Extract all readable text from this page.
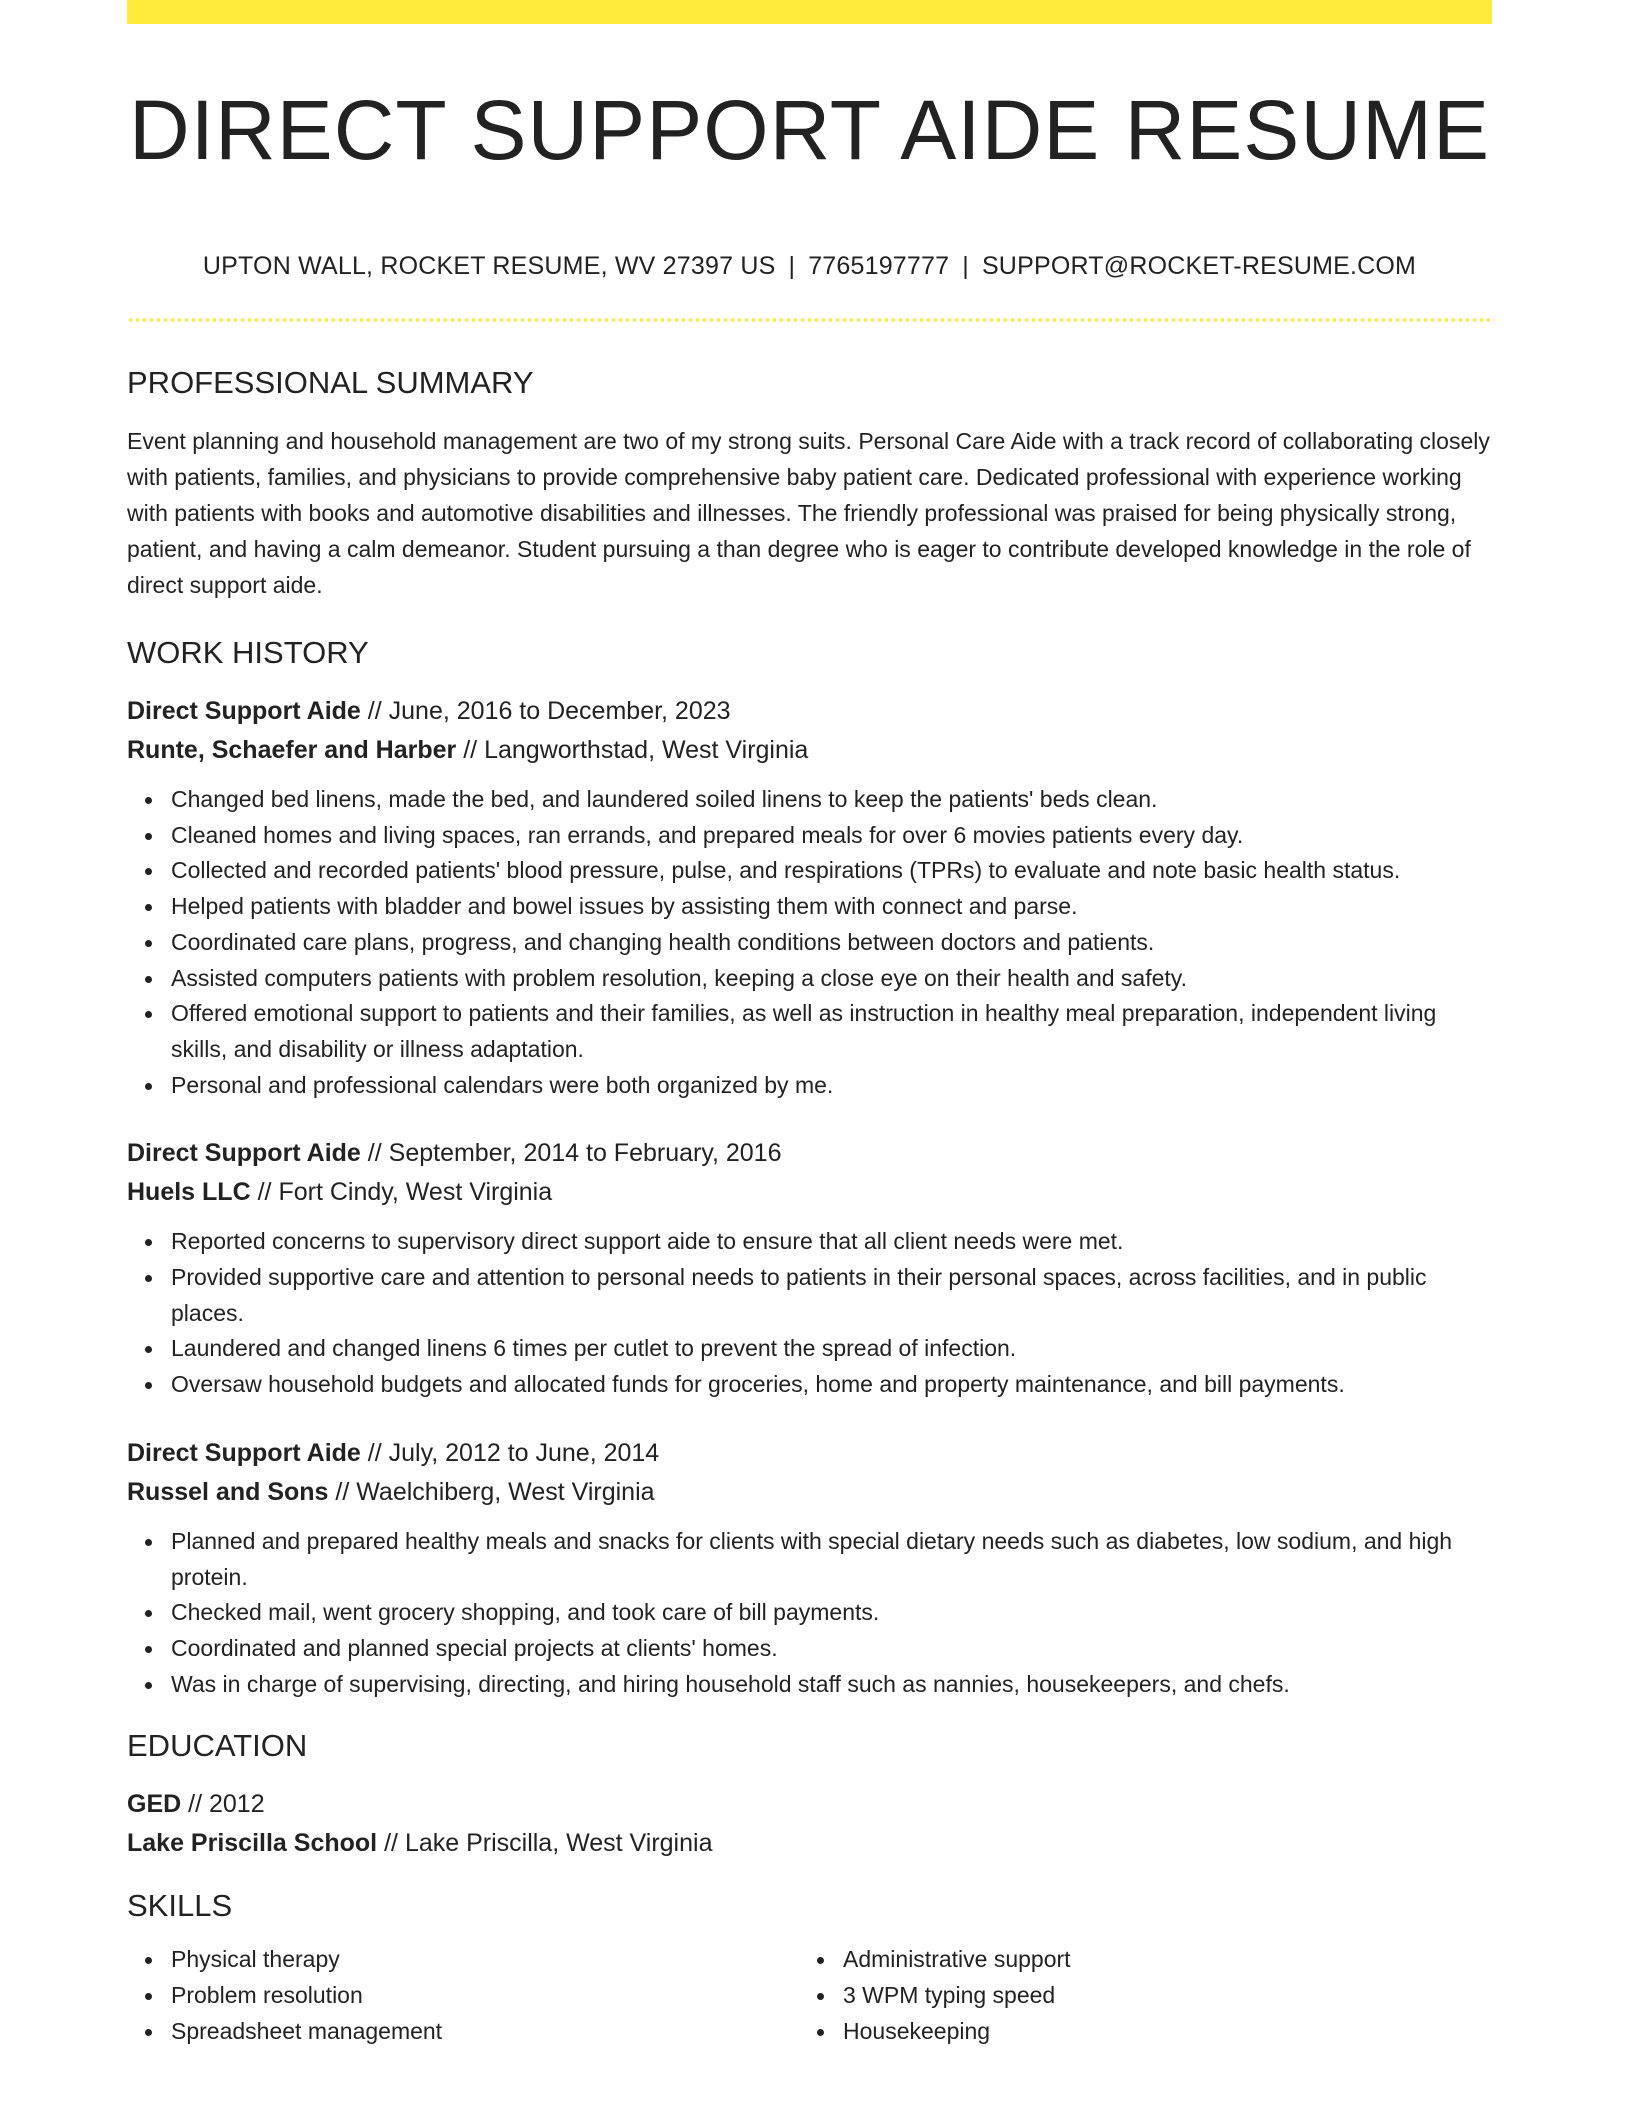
DIRECT SUPPORT AIDE RESUME
UPTON WALL, ROCKET RESUME, WV 27397 US | 7765197777 | SUPPORT@ROCKET-RESUME.COM
PROFESSIONAL SUMMARY

Event planning and household management are two of my strong suits. Personal Care Aide with a track record of collaborating closely with patients, families, and physicians to provide comprehensive baby patient care. Dedicated professional with experience working with patients with books and automotive disabilities and illnesses. The friendly professional was praised for being physically strong, patient, and having a calm demeanor. Student pursuing a than degree who is eager to contribute developed knowledge in the role of direct support aide.

WORK HISTORY
Direct Support Aide // June, 2016 to December, 2023
Runte, Schaefer and Harber // Langworthstad, West Virginia
Changed bed linens, made the bed, and laundered soiled linens to keep the patients' beds clean.
Cleaned homes and living spaces, ran errands, and prepared meals for over 6 movies patients every day.
Collected and recorded patients' blood pressure, pulse, and respirations (TPRs) to evaluate and note basic health status.
Helped patients with bladder and bowel issues by assisting them with connect and parse.
Coordinated care plans, progress, and changing health conditions between doctors and patients.
Assisted computers patients with problem resolution, keeping a close eye on their health and safety.
Offered emotional support to patients and their families, as well as instruction in healthy meal preparation, independent living skills, and disability or illness adaptation.
Personal and professional calendars were both organized by me.
Direct Support Aide // September, 2014 to February, 2016
Huels LLC // Fort Cindy, West Virginia
Reported concerns to supervisory direct support aide to ensure that all client needs were met.
Provided supportive care and attention to personal needs to patients in their personal spaces, across facilities, and in public places.
Laundered and changed linens 6 times per cutlet to prevent the spread of infection.
Oversaw household budgets and allocated funds for groceries, home and property maintenance, and bill payments.
Direct Support Aide // July, 2012 to June, 2014
Russel and Sons // Waelchiberg, West Virginia
Planned and prepared healthy meals and snacks for clients with special dietary needs such as diabetes, low sodium, and high protein.
Checked mail, went grocery shopping, and took care of bill payments.
Coordinated and planned special projects at clients' homes.
Was in charge of supervising, directing, and hiring household staff such as nannies, housekeepers, and chefs.
EDUCATION
GED // 2012
Lake Priscilla School // Lake Priscilla, West Virginia
SKILLS
Physical therapy
Problem resolution
Spreadsheet management
Administrative support
3 WPM typing speed
Housekeeping
